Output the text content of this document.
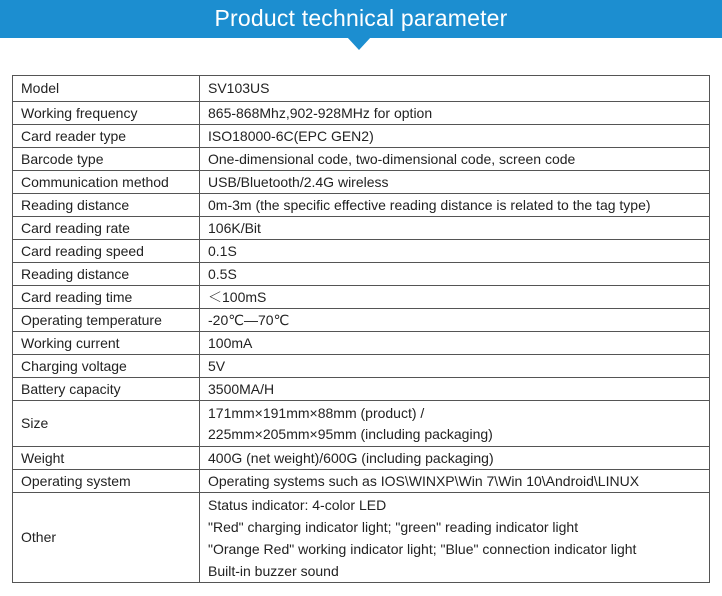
Product technical parameter
Model	SV103US

Working frequency	865-868Mhz,902-928MHz for option

Card reader type	ISO18000-6C(EPC GEN2)

Barcode type	One-dimensional code, two-dimensional code, screen code

Communication method	USB/Bluetooth/2.4G wireless

Reading distance	0m-3m (the specific effective reading distance is related to the tag type)

Card reading rate	106K/Bit

Card reading speed	0.1S

Reading distance	0.5S

Card reading time	＜100mS

Operating temperature	-20℃—70℃

Working current	100mA

Charging voltage	5V

Battery capacity	3500MA/H

Size	171mm×191mm×88mm (product) /
225mm×205mm×95mm (including packaging)

Weight	400G (net weight)/600G (including packaging)

Operating system	Operating systems such as IOS\WINXP\Win 7\Win 10\Android\LINUX

Other	Status indicator: 4-color LED
"Red" charging indicator light; "green" reading indicator light
"Orange Red" working indicator light; "Blue" connection indicator light
Built-in buzzer sound
